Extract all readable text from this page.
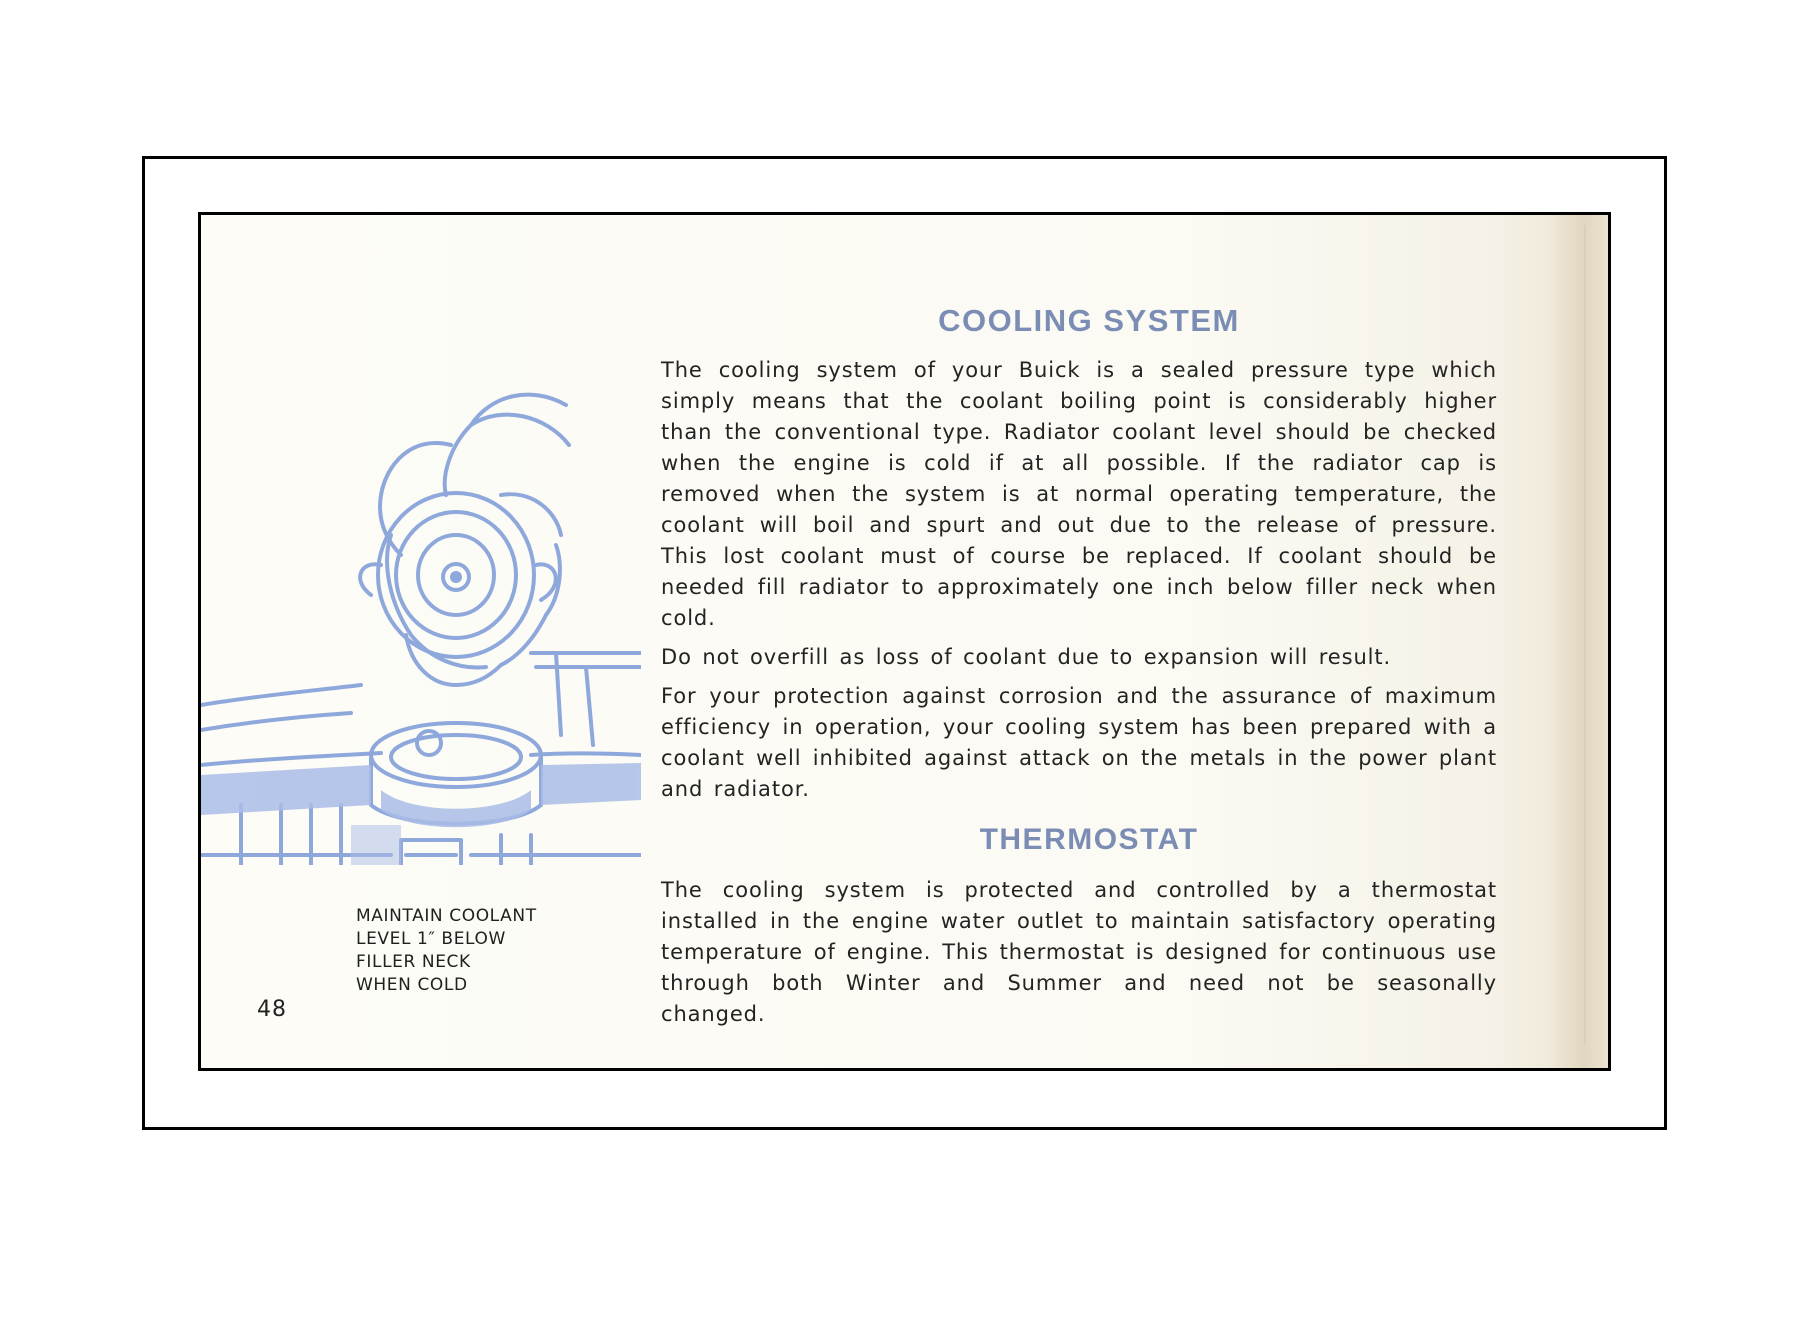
MAINTAIN COOLANT
LEVEL 1″ BELOW
FILLER NECK
WHEN COLD
48
COOLING SYSTEM

The cooling system of your Buick is a sealed pressure type which simply means that the coolant boiling point is considerably higher than the conventional type. Radiator coolant level should be checked when the engine is cold if at all possible. If the radiator cap is removed when the system is at normal operating temperature, the coolant will boil and spurt and out due to the release of pressure. This lost coolant must of course be replaced. If coolant should be needed fill radiator to approximately one inch below filler neck when cold.

Do not overfill as loss of coolant due to expansion will result.

For your protection against corrosion and the assurance of maximum efficiency in operation, your cooling system has been prepared with a coolant well inhibited against attack on the metals in the power plant and radiator.

THERMOSTAT

The cooling system is protected and controlled by a thermostat installed in the engine water outlet to maintain satisfactory operating temperature of engine. This thermostat is designed for continuous use through both Winter and Summer and need not be seasonally changed.
